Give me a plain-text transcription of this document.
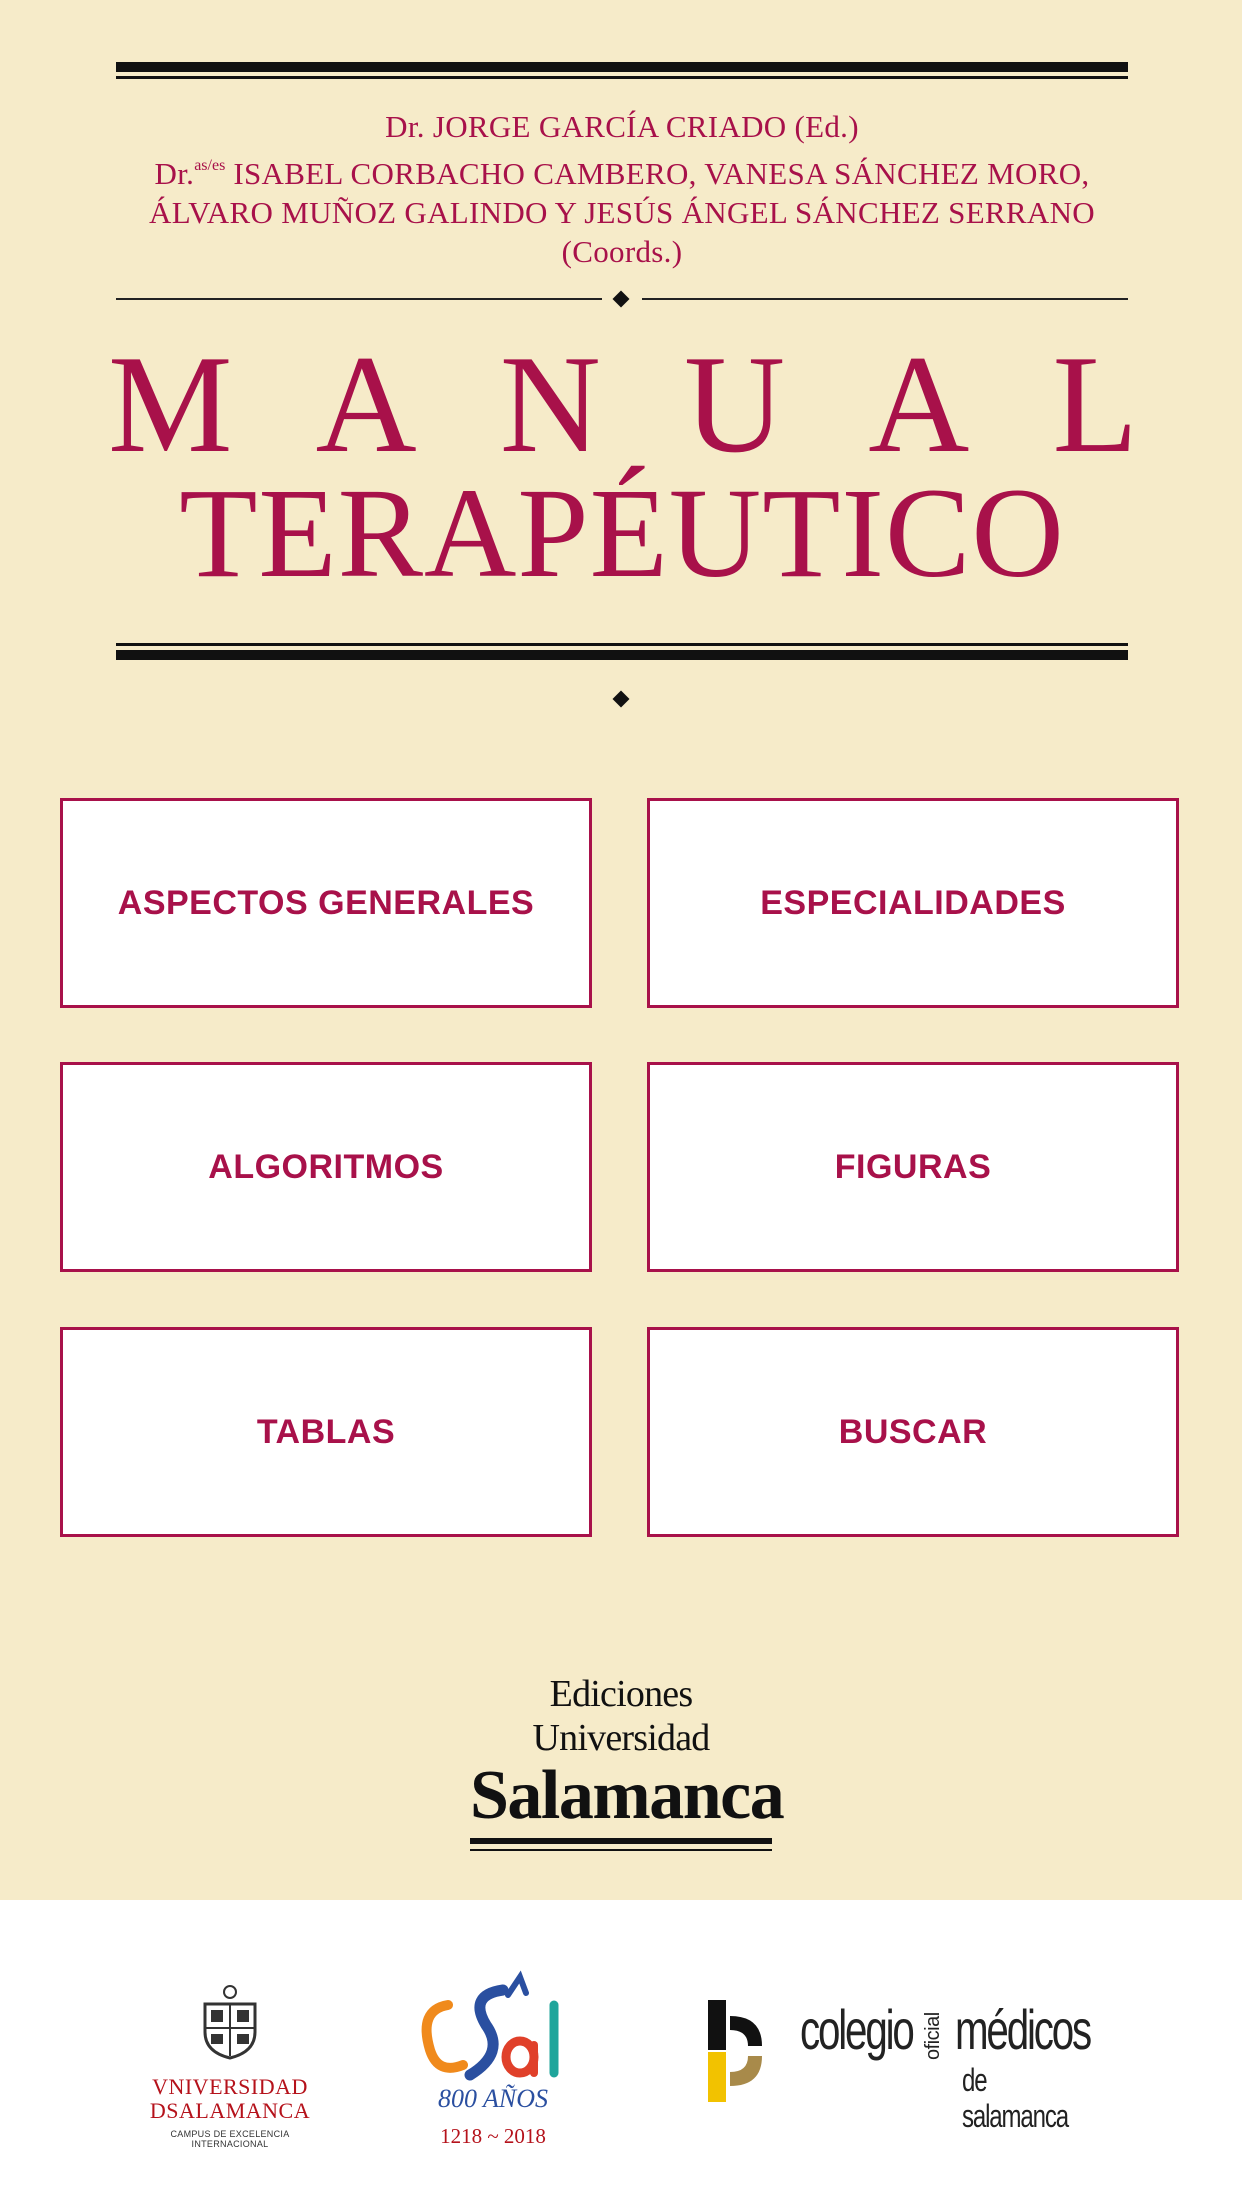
Dr. JORGE GARCÍA CRIADO (Ed.)
Dr.$^{as/es}$ ISABEL CORBACHO CAMBERO, VANESA SÁNCHEZ MORO,
ÁLVARO MUÑOZ GALINDO Y JESÚS ÁNGEL SÁNCHEZ SERRANO
(Coords.)
M A N U A L
TERAPÉUTICO
ASPECTOS GENERALES	ESPECIALIDADES
ALGORITMOS	FIGURAS
TABLAS	BUSCAR
Ediciones Universidad
Salamanca
VNIVERSIDAD
DSALAMANCA
CAMPUS DE EXCELENCIA INTERNACIONAL
800 AÑOS
1218 ~ 2018
colegio oficial médicos
de salamanca
